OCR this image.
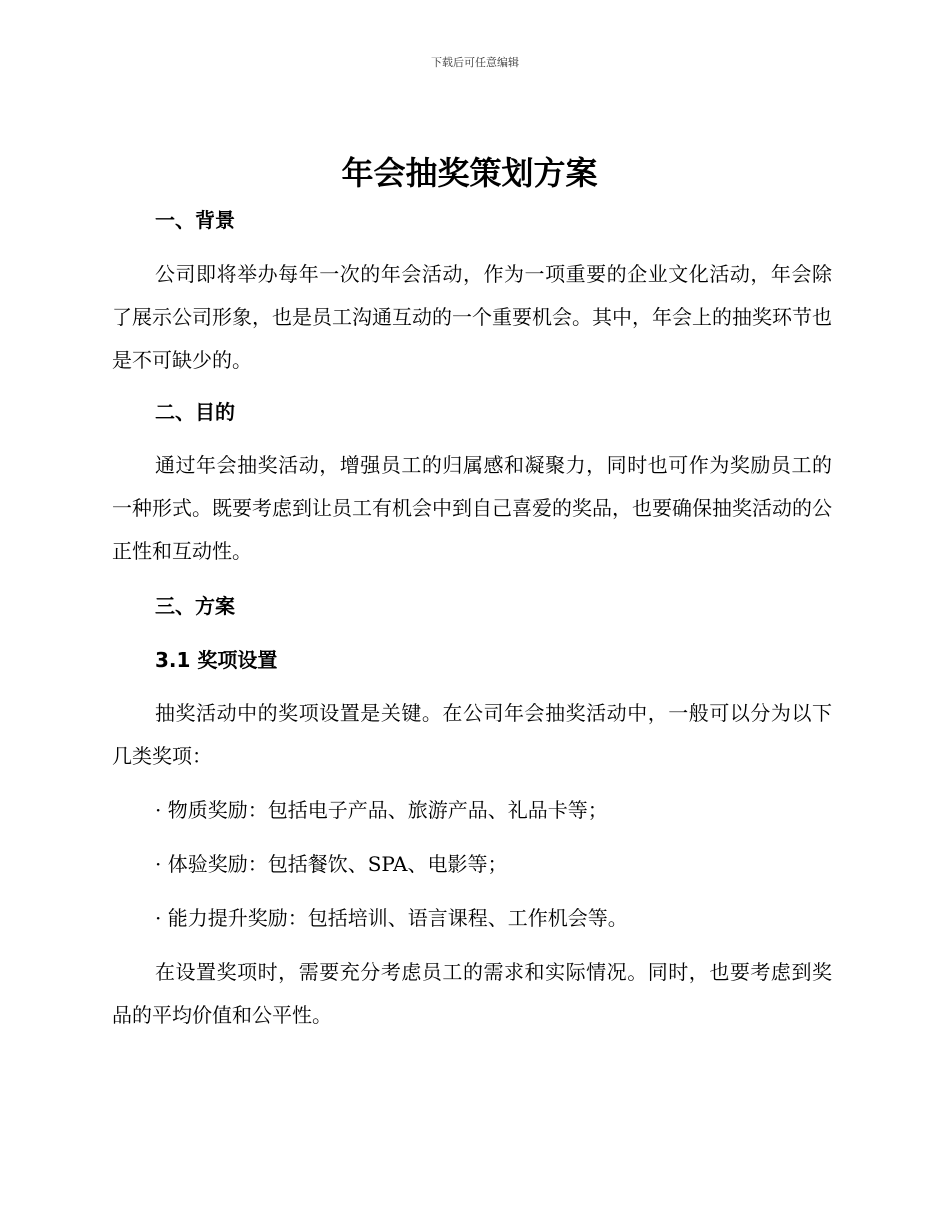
下载后可任意编辑
年会抽奖策划方案
一、背景

公司即将举办每年一次的年会活动，作为一项重要的企业文化活动，年会除了展示公司形象，也是员工沟通互动的一个重要机会。其中，年会上的抽奖环节也是不可缺少的。

二、目的

通过年会抽奖活动，增强员工的归属感和凝聚力，同时也可作为奖励员工的一种形式。既要考虑到让员工有机会中到自己喜爱的奖品，也要确保抽奖活动的公正性和互动性。

三、方案
3.1 奖项设置

抽奖活动中的奖项设置是关键。在公司年会抽奖活动中，一般可以分为以下几类奖项：

· 物质奖励：包括电子产品、旅游产品、礼品卡等；

· 体验奖励：包括餐饮、SPA、电影等；

· 能力提升奖励：包括培训、语言课程、工作机会等。

在设置奖项时，需要充分考虑员工的需求和实际情况。同时，也要考虑到奖品的平均价值和公平性。
